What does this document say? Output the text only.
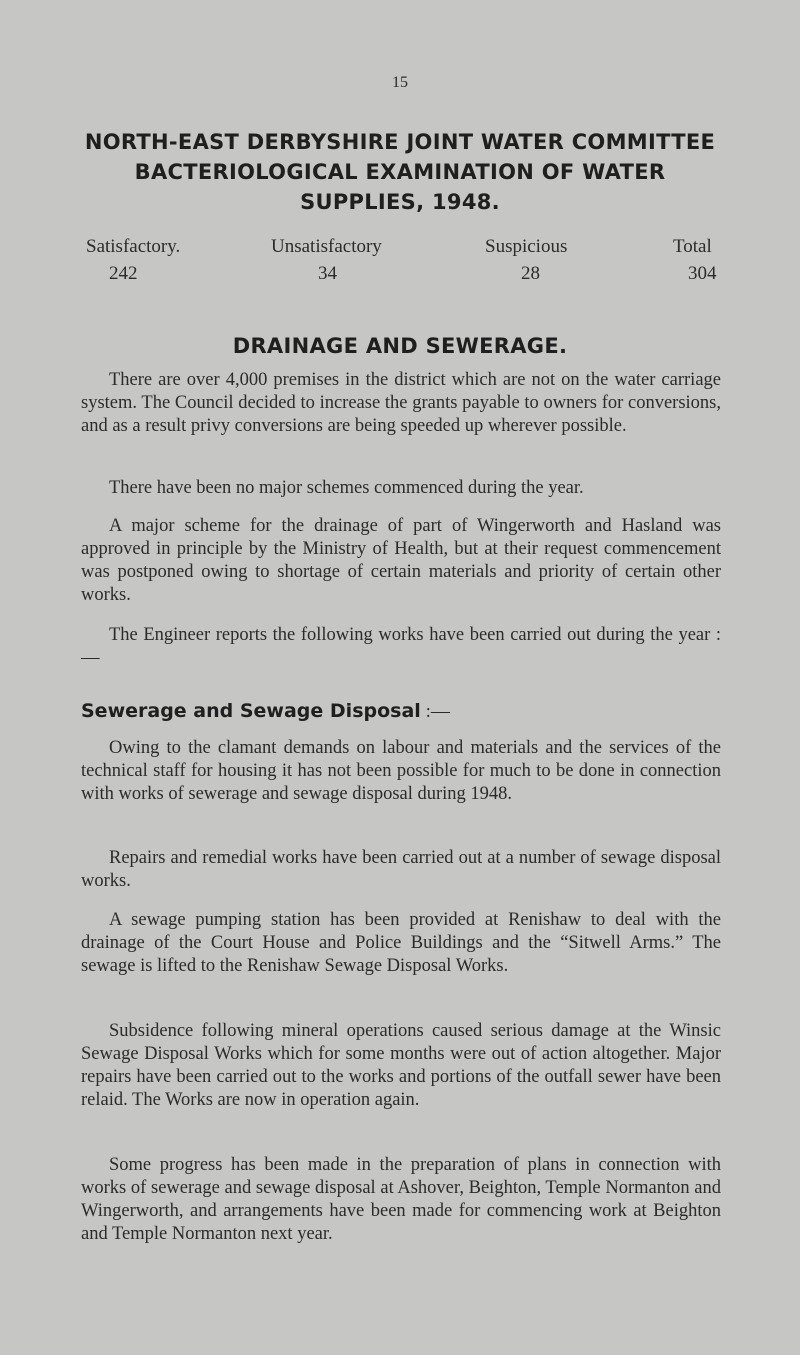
15
NORTH-EAST DERBYSHIRE JOINT WATER COMMITTEE
BACTERIOLOGICAL EXAMINATION OF WATER
SUPPLIES, 1948.
Satisfactory.	Unsatisfactory	Suspicious	Total
242	34	28	304
DRAINAGE AND SEWERAGE.
There are over 4,000 premises in the district which are not on the water carriage system. The Council decided to increase the grants payable to owners for conversions, and as a result privy conversions are being speeded up wherever possible.
There have been no major schemes commenced during the year.
A major scheme for the drainage of part of Wingerworth and Hasland was approved in principle by the Ministry of Health, but at their request commencement was postponed owing to shortage of certain materials and priority of certain other works.
The Engineer reports the following works have been carried out during the year :—
Sewerage and Sewage Disposal :—
Owing to the clamant demands on labour and materials and the services of the technical staff for housing it has not been possible for much to be done in connection with works of sewerage and sewage disposal during 1948.
Repairs and remedial works have been carried out at a number of sewage disposal works.
A sewage pumping station has been provided at Renishaw to deal with the drainage of the Court House and Police Buildings and the “Sitwell Arms.” The sewage is lifted to the Renishaw Sewage Disposal Works.
Subsidence following mineral operations caused serious damage at the Winsic Sewage Disposal Works which for some months were out of action altogether. Major repairs have been carried out to the works and portions of the outfall sewer have been relaid. The Works are now in operation again.
Some progress has been made in the preparation of plans in connection with works of sewerage and sewage disposal at Ashover, Beighton, Temple Normanton and Wingerworth, and arrangements have been made for commencing work at Beighton and Temple Normanton next year.
